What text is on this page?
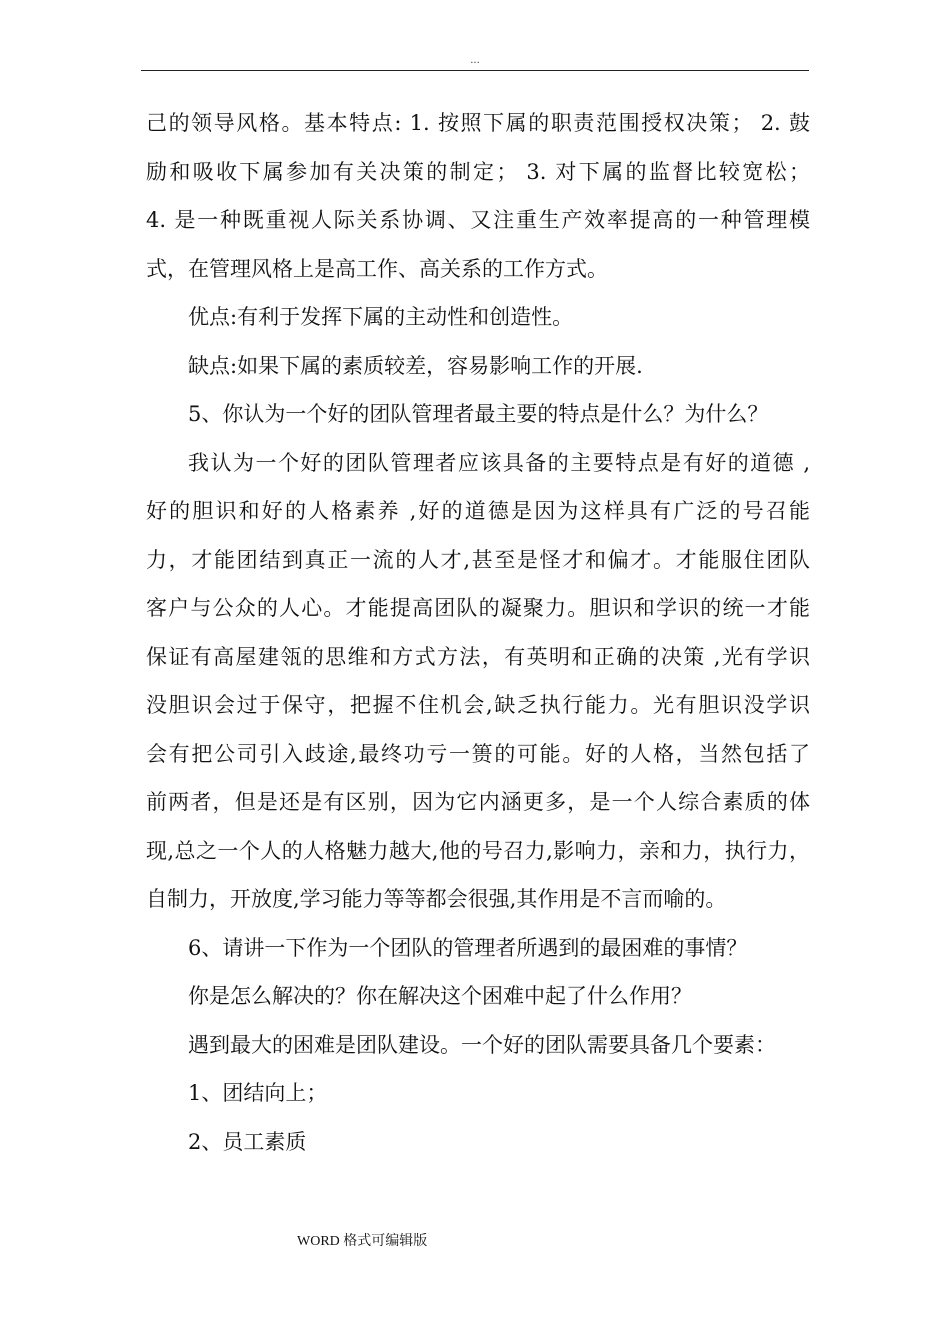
...
己的领导风格。基本特点: 1. 按照下属的职责范围授权决策； 2. 鼓
励和吸收下属参加有关决策的制定； 3. 对下属的监督比较宽松；
4. 是一种既重视人际关系协调、又注重生产效率提高的一种管理模
式，在管理风格上是高工作、高关系的工作方式。
优点:有利于发挥下属的主动性和创造性。
缺点:如果下属的素质较差，容易影响工作的开展.
5、你认为一个好的团队管理者最主要的特点是什么？为什么？
我认为一个好的团队管理者应该具备的主要特点是有好的道德 ,
好的胆识和好的人格素养 ,好的道德是因为这样具有广泛的号召能
力，才能团结到真正一流的人才,甚至是怪才和偏才。才能服住团队
客户与公众的人心。才能提高团队的凝聚力。胆识和学识的统一才能
保证有高屋建瓴的思维和方式方法，有英明和正确的决策 ,光有学识
没胆识会过于保守，把握不住机会,缺乏执行能力。光有胆识没学识
会有把公司引入歧途,最终功亏一篑的可能。好的人格，当然包括了
前两者，但是还是有区别，因为它内涵更多，是一个人综合素质的体
现,总之一个人的人格魅力越大,他的号召力,影响力，亲和力，执行力，
自制力，开放度,学习能力等等都会很强,其作用是不言而喻的。
6、请讲一下作为一个团队的管理者所遇到的最困难的事情？
你是怎么解决的？你在解决这个困难中起了什么作用？
遇到最大的困难是团队建设。一个好的团队需要具备几个要素：
1、团结向上；
2、员工素质
WORD 格式可编辑版
